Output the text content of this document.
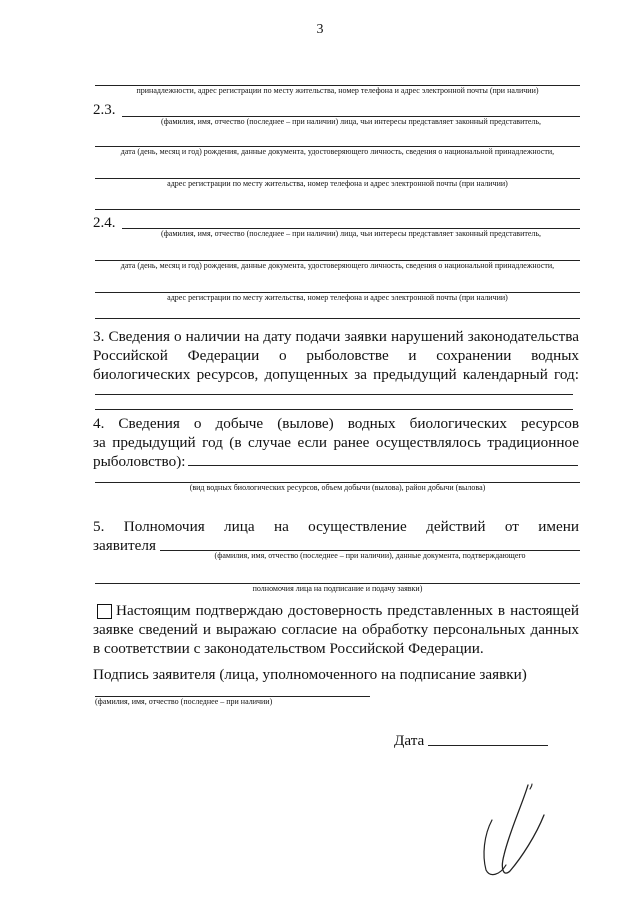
3
принадлежности, адрес регистрации по месту жительства, номер телефона и адрес электронной почты (при наличии)
2.3.
(фамилия, имя, отчество (последнее – при наличии) лица, чьи интересы представляет законный представитель,
дата (день, месяц и год) рождения, данные документа, удостоверяющего личность, сведения о национальной принадлежности,
адрес регистрации по месту жительства, номер телефона и адрес электронной почты (при наличии)
2.4.
(фамилия, имя, отчество (последнее – при наличии) лица, чьи интересы представляет законный представитель,
дата (день, месяц и год) рождения, данные документа, удостоверяющего личность, сведения о национальной принадлежности,
адрес регистрации по месту жительства, номер телефона и адрес электронной почты (при наличии)
3. Сведения о наличии на дату подачи заявки нарушений законодательства
Российской Федерации о рыболовстве и сохранении водных
биологических ресурсов, допущенных за предыдущий календарный год:
4. Сведения о добыче (вылове) водных биологических ресурсов
за предыдущий год (в случае если ранее осуществлялось традиционное
рыболовство):
(вид водных биологических ресурсов, объем добычи (вылова), район добычи (вылова)
5. Полномочия лица на осуществление действий от имени
заявителя
(фамилия, имя, отчество (последнее – при наличии), данные документа, подтверждающего
полномочия лица на подписание и подачу заявки)
Настоящим подтверждаю достоверность представленных в настоящей
заявке сведений и выражаю согласие на обработку персональных данных
в соответствии с законодательством Российской Федерации.
Подпись заявителя (лица, уполномоченного на подписание заявки)
(фамилия, имя, отчество (последнее – при наличии)
Дата
